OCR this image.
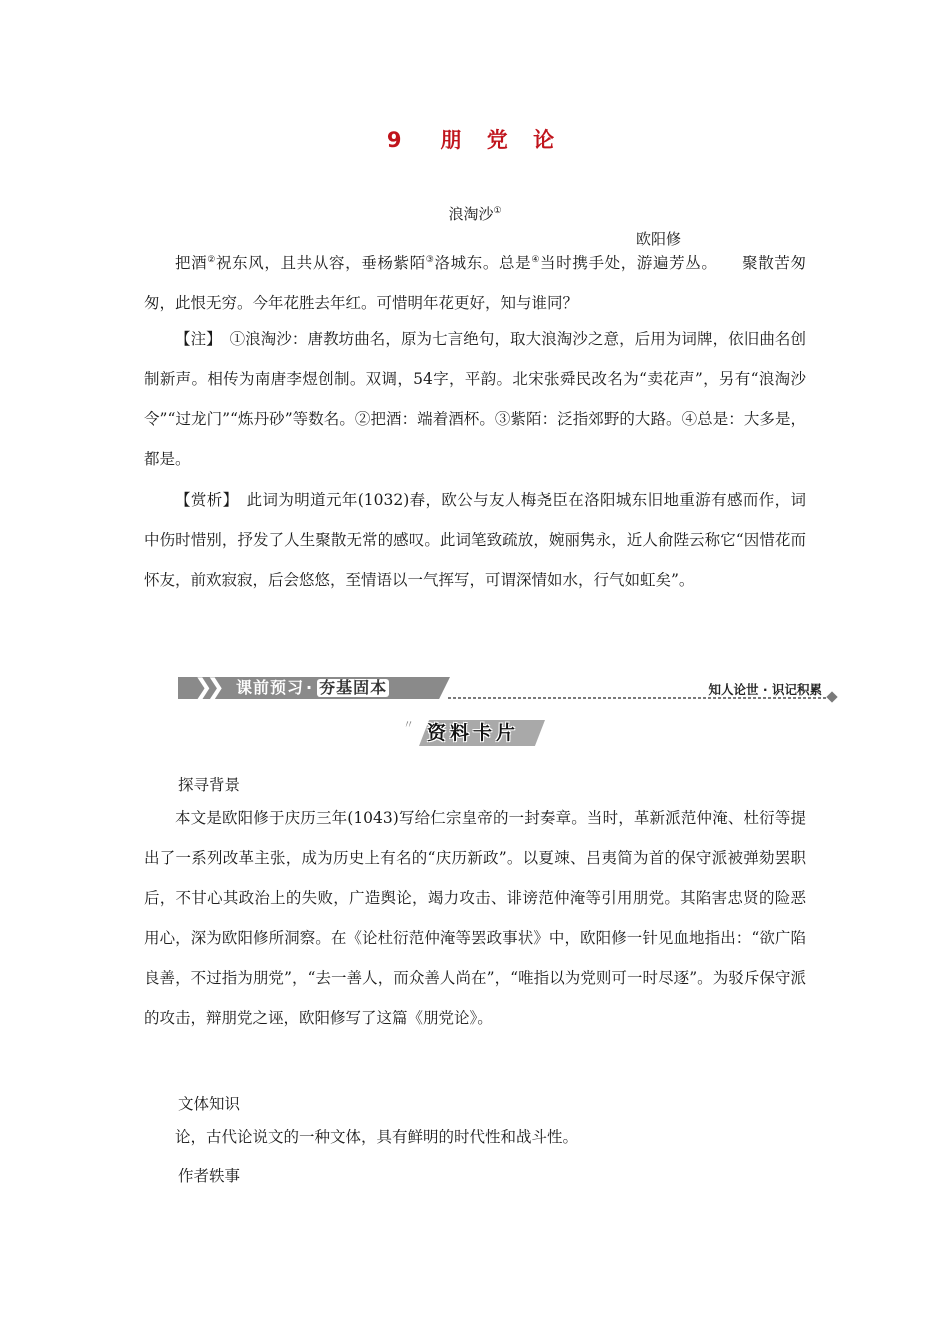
9　朋 党 论
浪淘沙①
欧阳修
把酒②祝东风，且共从容，垂杨紫陌③洛城东。总是④当时携手处，游遍芳丛。　　聚散苦匆匆，此恨无穷。今年花胜去年红。可惜明年花更好，知与谁同？
【注】　①浪淘沙：唐教坊曲名，原为七言绝句，取大浪淘沙之意，后用为词牌，依旧曲名创制新声。相传为南唐李煜创制。双调，54字，平韵。北宋张舜民改名为“卖花声”，另有“浪淘沙令”“过龙门”“炼丹砂”等数名。②把酒：端着酒杯。③紫陌：泛指郊野的大路。④总是：大多是，都是。
【赏析】　此词为明道元年(1032)春，欧公与友人梅尧臣在洛阳城东旧地重游有感而作，词中伤时惜别，抒发了人生聚散无常的感叹。此词笔致疏放，婉丽隽永，近人俞陛云称它“因惜花而怀友，前欢寂寂，后会悠悠，至情语以一气挥写，可谓深情如水，行气如虹矣”。
❯❯ 课前预习 · 夯基固本	知人论世 · 识记积累
〃 资料卡片
探寻背景
本文是欧阳修于庆历三年(1043)写给仁宗皇帝的一封奏章。当时，革新派范仲淹、杜衍等提出了一系列改革主张，成为历史上有名的“庆历新政”。以夏竦、吕夷简为首的保守派被弹劾罢职后，不甘心其政治上的失败，广造舆论，竭力攻击、诽谤范仲淹等引用朋党。其陷害忠贤的险恶用心，深为欧阳修所洞察。在《论杜衍范仲淹等罢政事状》中，欧阳修一针见血地指出：“欲广陷良善，不过指为朋党”，“去一善人，而众善人尚在”，“唯指以为党则可一时尽逐”。为驳斥保守派的攻击，辩朋党之诬，欧阳修写了这篇《朋党论》。
文体知识
论，古代论说文的一种文体，具有鲜明的时代性和战斗性。
作者轶事
